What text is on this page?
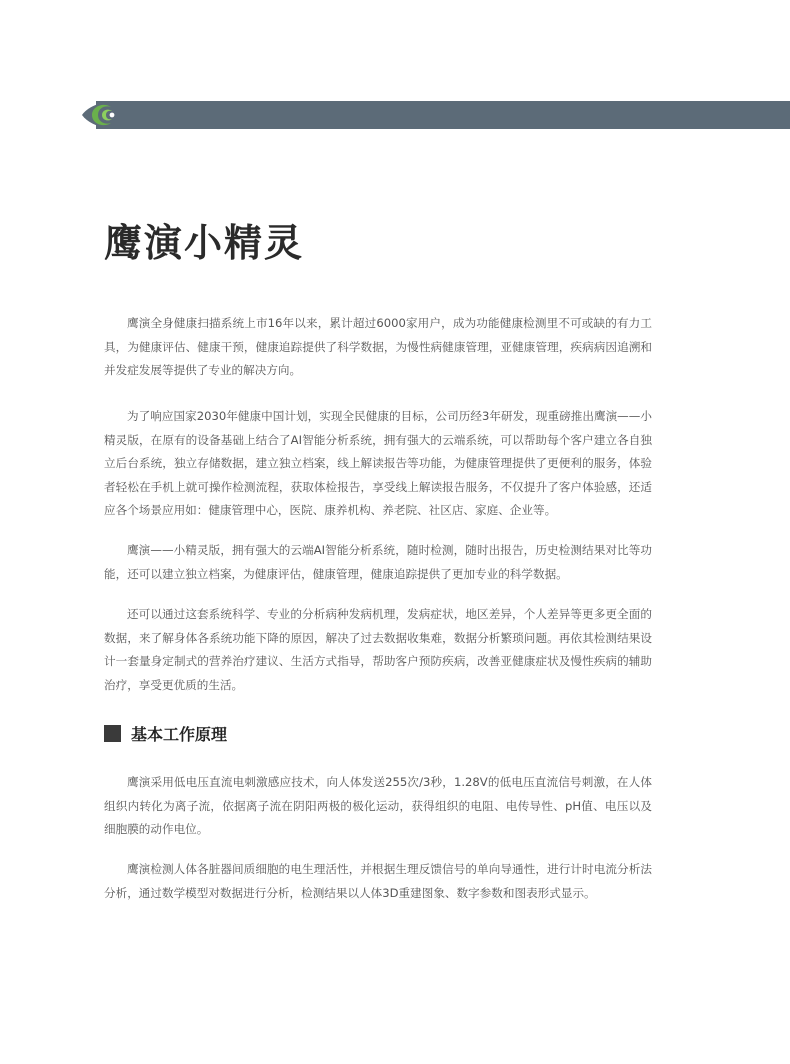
鹰演小精灵

鹰演全身健康扫描系统上市16年以来，累计超过6000家用户，成为功能健康检测里不可或缺的有力工具，为健康评估、健康干预，健康追踪提供了科学数据，为慢性病健康管理，亚健康管理，疾病病因追溯和并发症发展等提供了专业的解决方向。

为了响应国家2030年健康中国计划，实现全民健康的目标，公司历经3年研发，现重磅推出鹰演——小精灵版，在原有的设备基础上结合了AI智能分析系统，拥有强大的云端系统，可以帮助每个客户建立各自独立后台系统，独立存储数据，建立独立档案，线上解读报告等功能，为健康管理提供了更便利的服务，体验者轻松在手机上就可操作检测流程，获取体检报告，享受线上解读报告服务，不仅提升了客户体验感，还适应各个场景应用如：健康管理中心，医院、康养机构、养老院、社区店、家庭、企业等。

鹰演——小精灵版，拥有强大的云端AI智能分析系统，随时检测，随时出报告，历史检测结果对比等功能，还可以建立独立档案，为健康评估，健康管理，健康追踪提供了更加专业的科学数据。

还可以通过这套系统科学、专业的分析病种发病机理，发病症状，地区差异，个人差异等更多更全面的数据，来了解身体各系统功能下降的原因，解决了过去数据收集难，数据分析繁琐问题。再依其检测结果设计一套量身定制式的营养治疗建议、生活方式指导，帮助客户预防疾病，改善亚健康症状及慢性疾病的辅助治疗，享受更优质的生活。

基本工作原理

鹰演采用低电压直流电刺激感应技术，向人体发送255次/3秒，1.28V的低电压直流信号刺激，在人体组织内转化为离子流，依据离子流在阴阳两极的极化运动，获得组织的电阻、电传导性、pH值、电压以及细胞膜的动作电位。

鹰演检测人体各脏器间质细胞的电生理活性，并根据生理反馈信号的单向导通性，进行计时电流分析法分析，通过数学模型对数据进行分析，检测结果以人体3D重建图象、数字参数和图表形式显示。
